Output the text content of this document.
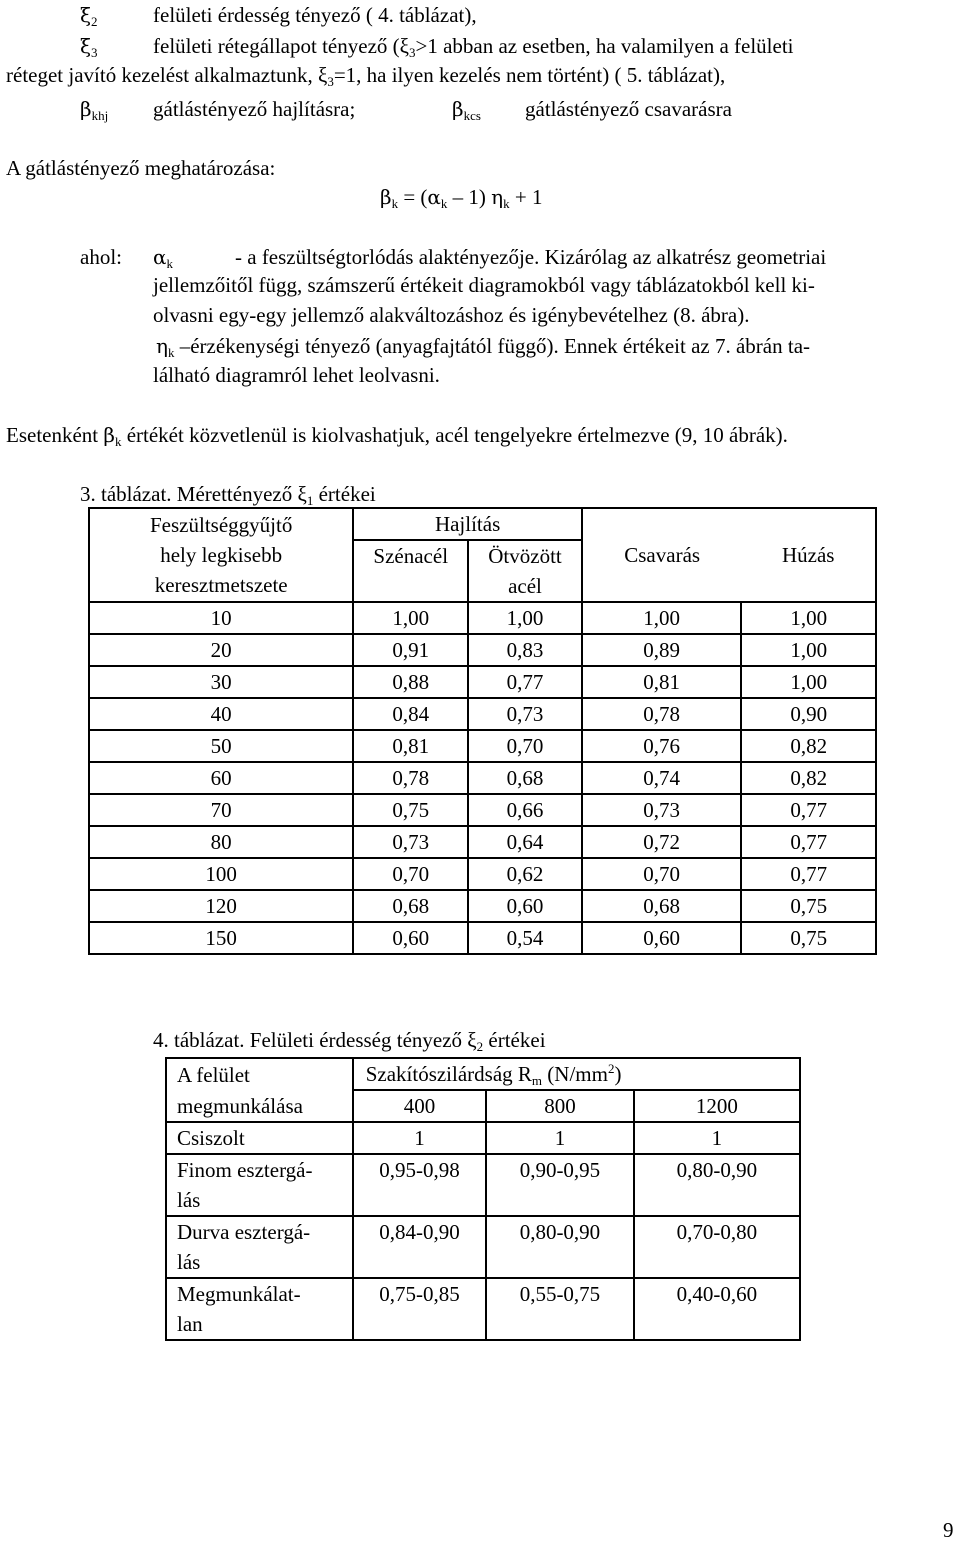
$\xi_2$	felületi érdesség tényező ( 4. táblázat),
$\xi_3$	felületi rétegállapot tényező ($\xi_3>1$ abban az esetben, ha valamilyen a felületi
réteget javító kezelést alkalmaztunk, $\xi_3=1$, ha ilyen kezelés nem történt) ( 5. táblázat),
$\beta_{khj}$ gátlástényező hajlításra;	$\beta_{kcs}$ gátlástényező csavarásra
A gátlástényező meghatározása:
$\beta_k = (\alpha_k - 1) \eta_k + 1$
ahol: $\alpha_k$	- a feszültségtorlódás alaktényezője. Kizárólag az alkatrész geometriai
jellemzőitől függ, számszerű értékeit diagramokból vagy táblázatokból kell ki-
olvasni egy-egy jellemző alakváltozáshoz és igénybevételhez (8. ábra).
$\eta_k$ –érzékenységi tényező (anyagfajtától függő). Ennek értékeit az 7. ábrán ta-
lálható diagramról lehet leolvasni.
Esetenként $\beta_k$ értékét közvetlenül is kiolvashatjuk, acél tengelyekre értelmezve (9, 10 ábrák).
3. táblázat. Mérettényező $\xi_1$ értékei
Feszültséggyűjtő
hely legkisebb
keresztmetszete	Hajlítás		Csavarás	Húzás
	Szénacél	Ötvözött
acél		

10	1,00	1,00	1,00	1,00
20	0,91	0,83	0,89	1,00
30	0,88	0,77	0,81	1,00
40	0,84	0,73	0,78	0,90
50	0,81	0,70	0,76	0,82
60	0,78	0,68	0,74	0,82
70	0,75	0,66	0,73	0,77
80	0,73	0,64	0,72	0,77
100	0,70	0,62	0,70	0,77
120	0,68	0,60	0,68	0,75
150	0,60	0,54	0,60	0,75
4. táblázat. Felületi érdesség tényező $\xi_2$ értékei
A felület	Szakítószilárdság $R_m$ $(N/mm^2)$		
megmunkálása	400	800	1200

Csiszolt	1	1	1

Finom esztergá-
lás	0,95-0,98	0,90-0,95	0,80-0,90

Durva esztergá-
lás	0,84-0,90	0,80-0,90	0,70-0,80

Megmunkálat-
lan	0,75-0,85	0,55-0,75	0,40-0,60
9
